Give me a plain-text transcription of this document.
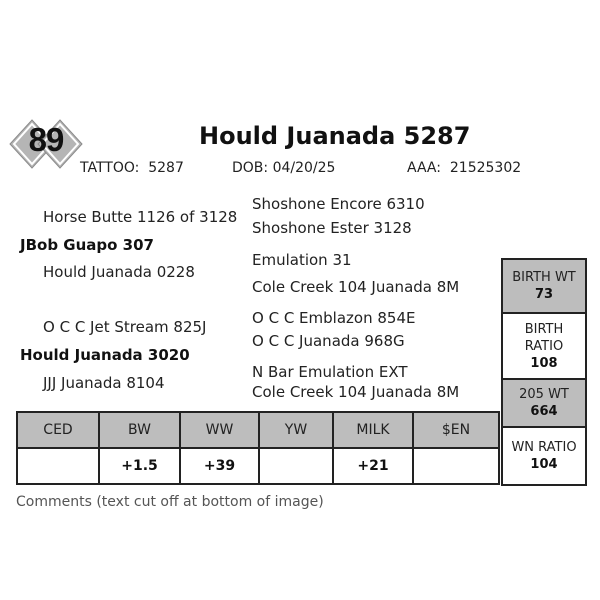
89	Hould Juanada 5287
TATTOO: 5287	DOB: 04/20/25	AAA: 21525302
Horse Butte 1126 of 3128
JBob Guapo 307
Hould Juanada 0228
O C C Jet Stream 825J
Hould Juanada 3020
JJJ Juanada 8104
Shoshone Encore 6310
Shoshone Ester 3128
Emulation 31
Cole Creek 104 Juanada 8M
O C C Emblazon 854E
O C C Juanada 968G
N Bar Emulation EXT
Cole Creek 104 Juanada 8M
BIRTH WT
73
BIRTH
RATIO
108
205 WT
664
WN RATIO
104
CED	BW	WW	YW	MILK	$EN
	+1.5	+39		+21	
Comments (text cut off at bottom of image)
